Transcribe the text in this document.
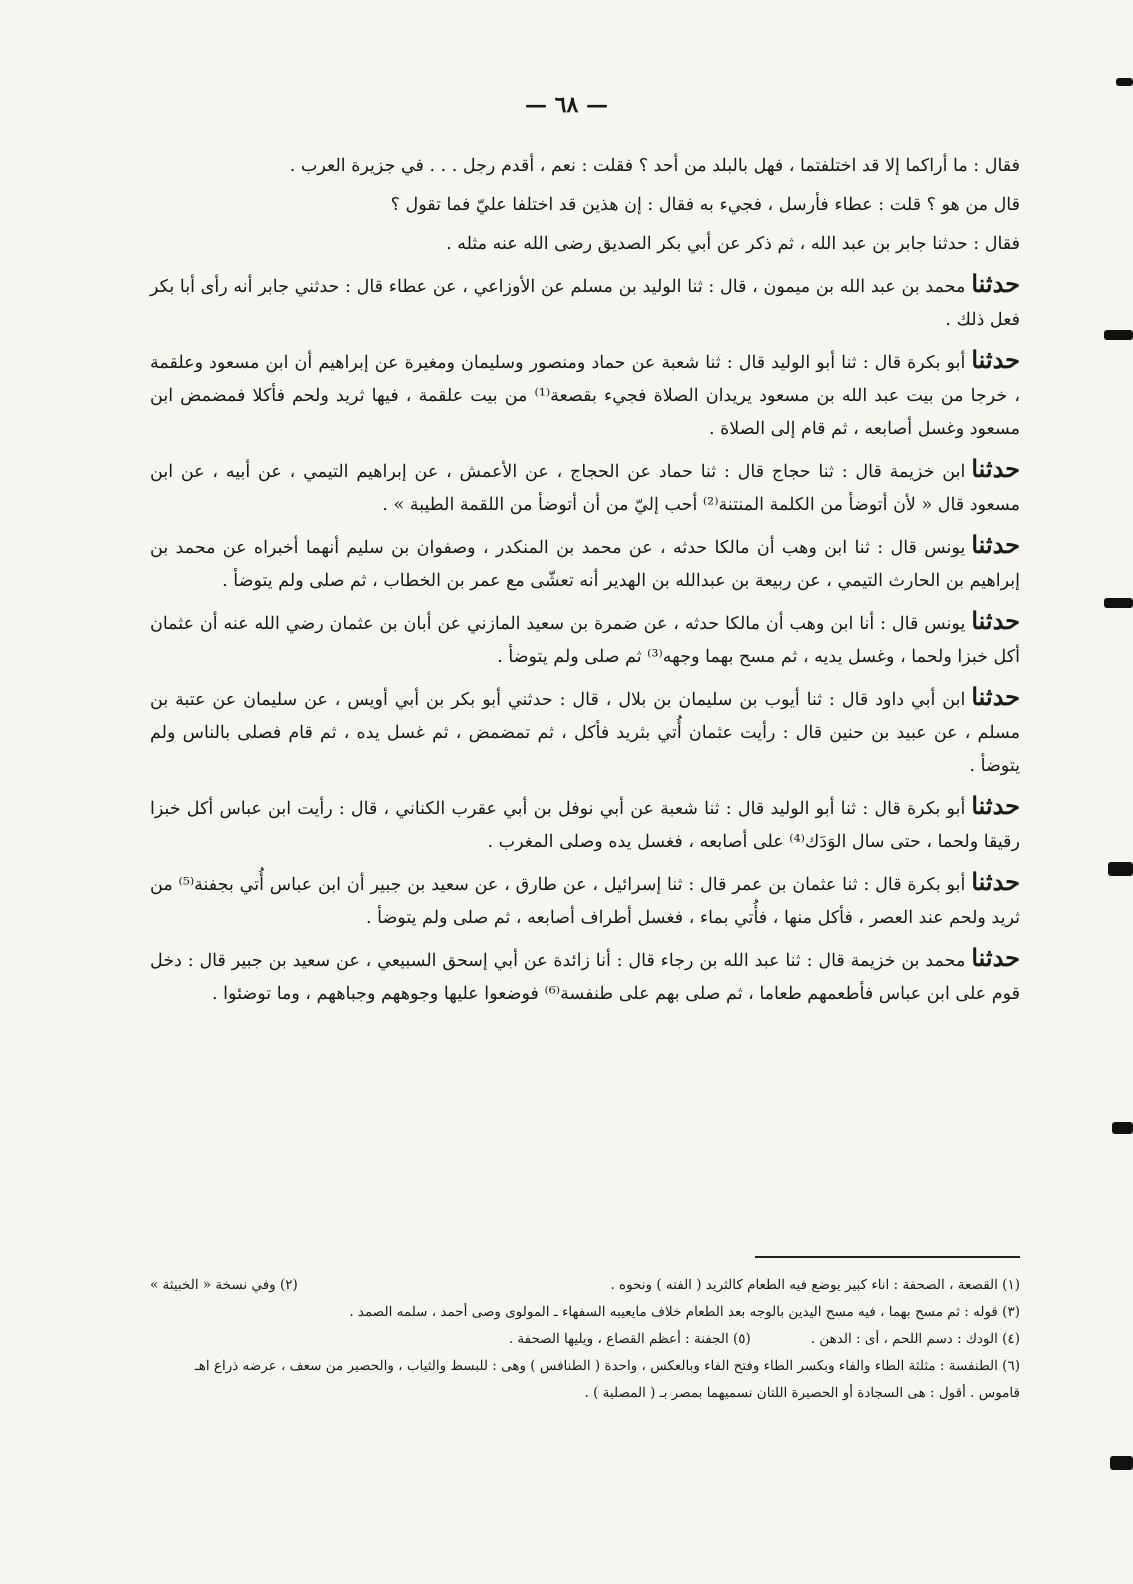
— ٦٨ —

فقال : ما أراكما إلا قد اختلفتما ، فهل بالبلد من أحد ؟ فقلت : نعم ، أقدم رجل . . . في جزيرة العرب .

قال من هو ؟ قلت : عطاء فأرسل ، فجيء به فقال : إن هذين قد اختلفا عليّ فما تقول ؟

فقال : حدثنا جابر بن عبد الله ، ثم ذكر عن أبي بكر الصديق رضى الله عنه مثله .

حدثنامحمد بن عبد الله بن ميمون ، قال : ثنا الوليد بن مسلم عن الأوزاعي ، عن عطاء قال : حدثني جابر أنه رأى أبا بكر فعل ذلك .

حدثناأبو بكرة قال : ثنا أبو الوليد قال : ثنا شعبة عن حماد ومنصور وسليمان ومغيرة عن إبراهيم أن ابن مسعود وعلقمة ، خرجا من بيت عبد الله بن مسعود يريدان الصلاة فجيء بقصعة⁽¹⁾ من بيت علقمة ، فيها ثريد ولحم فأكلا فمضمض ابن مسعود وغسل أصابعه ، ثم قام إلى الصلاة .

حدثناابن خزيمة قال : ثنا حجاج قال : ثنا حماد عن الحجاج ، عن الأعمش ، عن إبراهيم التيمي ، عن أبيه ، عن ابن مسعود قال « لأن أتوضأ من الكلمة المنتنة⁽²⁾ أحب إليّ من أن أتوضأ من اللقمة الطيبة » .

حدثنايونس قال : ثنا ابن وهب أن مالكا حدثه ، عن محمد بن المنكدر ، وصفوان بن سليم أنهما أخبراه عن محمد بن إبراهيم بن الحارث التيمي ، عن ربيعة بن عبدالله بن الهدير أنه تعشّى مع عمر بن الخطاب ، ثم صلى ولم يتوضأ .

حدثنايونس قال : أنا ابن وهب أن مالكا حدثه ، عن ضمرة بن سعيد المازني عن أبان بن عثمان رضي الله عنه أن عثمان أكل خبزا ولحما ، وغسل يديه ، ثم مسح بهما وجهه⁽³⁾ ثم صلى ولم يتوضأ .

حدثناابن أبي داود قال : ثنا أيوب بن سليمان بن بلال ، قال : حدثني أبو بكر بن أبي أويس ، عن سليمان عن عتبة بن مسلم ، عن عبيد بن حنين قال : رأيت عثمان أُتي بثريد فأكل ، ثم تمضمض ، ثم غسل يده ، ثم قام فصلى بالناس ولم يتوضأ .

حدثناأبو بكرة قال : ثنا أبو الوليد قال : ثنا شعبة عن أبي نوفل بن أبي عقرب الكناني ، قال : رأيت ابن عباس أكل خبزا رقيقا ولحما ، حتى سال الوَدَك⁽⁴⁾ على أصابعه ، فغسل يده وصلى المغرب .

حدثناأبو بكرة قال : ثنا عثمان بن عمر قال : ثنا إسرائيل ، عن طارق ، عن سعيد بن جبير أن ابن عباس أُتي بجفنة⁽⁵⁾ من ثريد ولحم عند العصر ، فأكل منها ، فأُتي بماء ، فغسل أطراف أصابعه ، ثم صلى ولم يتوضأ .

حدثنامحمد بن خزيمة قال : ثنا عبد الله بن رجاء قال : أنا زائدة عن أبي إسحق السبيعي ، عن سعيد بن جبير قال : دخل قوم على ابن عباس فأطعمهم طعاما ، ثم صلى بهم على طنفسة⁽⁶⁾ فوضعوا عليها وجوههم وجباههم ، وما توضئوا .

(١) القصعة ، الصحفة : اناء كبير يوضع فيه الطعام كالثريد ( الفته ) ونحوه .

(٢) وفي نسخة « الخبيثة »

(٣) قوله : ثم مسح بهما ، فيه مسح اليدين بالوجه بعد الطعام خلاف مايعيبه السفهاء ـ المولوى وصى أحمد ، سلمه الصمد .

(٤) الودك : دسم اللحم ، أى : الدهن .

(٥) الجفنة : أعظم القصاع ، ويليها الصحفة .

(٦) الطنفسة : مثلثة الطاء والفاء وبكسر الطاء وفتح الفاء وبالعكس ، واحدة ( الطنافس ) وهى : للبسط والثياب ، والحصير من سعف ، عرضه ذراع اهـ قاموس . أقول : هى السجادة أو الحصيرة اللتان نسميهما بمصر بـ ( المصلية ) .
